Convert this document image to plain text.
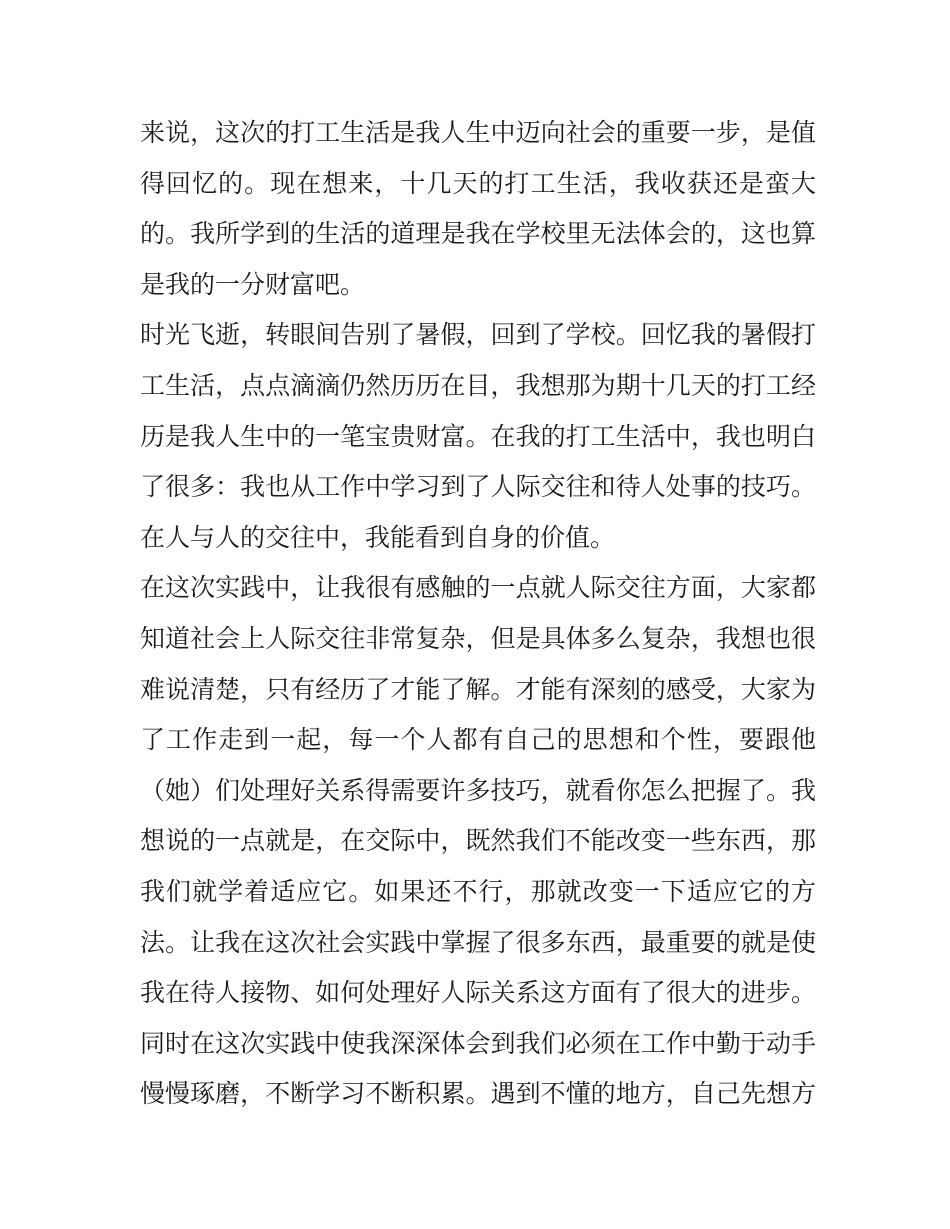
来说，这次的打工生活是我人生中迈向社会的重要一步，是值
得回忆的。现在想来，十几天的打工生活，我收获还是蛮大
的。我所学到的生活的道理是我在学校里无法体会的，这也算
是我的一分财富吧。
时光飞逝，转眼间告别了暑假，回到了学校。回忆我的暑假打
工生活，点点滴滴仍然历历在目，我想那为期十几天的打工经
历是我人生中的一笔宝贵财富。在我的打工生活中，我也明白
了很多：我也从工作中学习到了人际交往和待人处事的技巧。
在人与人的交往中，我能看到自身的价值。
在这次实践中，让我很有感触的一点就人际交往方面，大家都
知道社会上人际交往非常复杂，但是具体多么复杂，我想也很
难说清楚，只有经历了才能了解。才能有深刻的感受，大家为
了工作走到一起，每一个人都有自己的思想和个性，要跟他
（她）们处理好关系得需要许多技巧，就看你怎么把握了。我
想说的一点就是，在交际中，既然我们不能改变一些东西，那
我们就学着适应它。如果还不行，那就改变一下适应它的方
法。让我在这次社会实践中掌握了很多东西，最重要的就是使
我在待人接物、如何处理好人际关系这方面有了很大的进步。
同时在这次实践中使我深深体会到我们必须在工作中勤于动手
慢慢琢磨，不断学习不断积累。遇到不懂的地方，自己先想方
